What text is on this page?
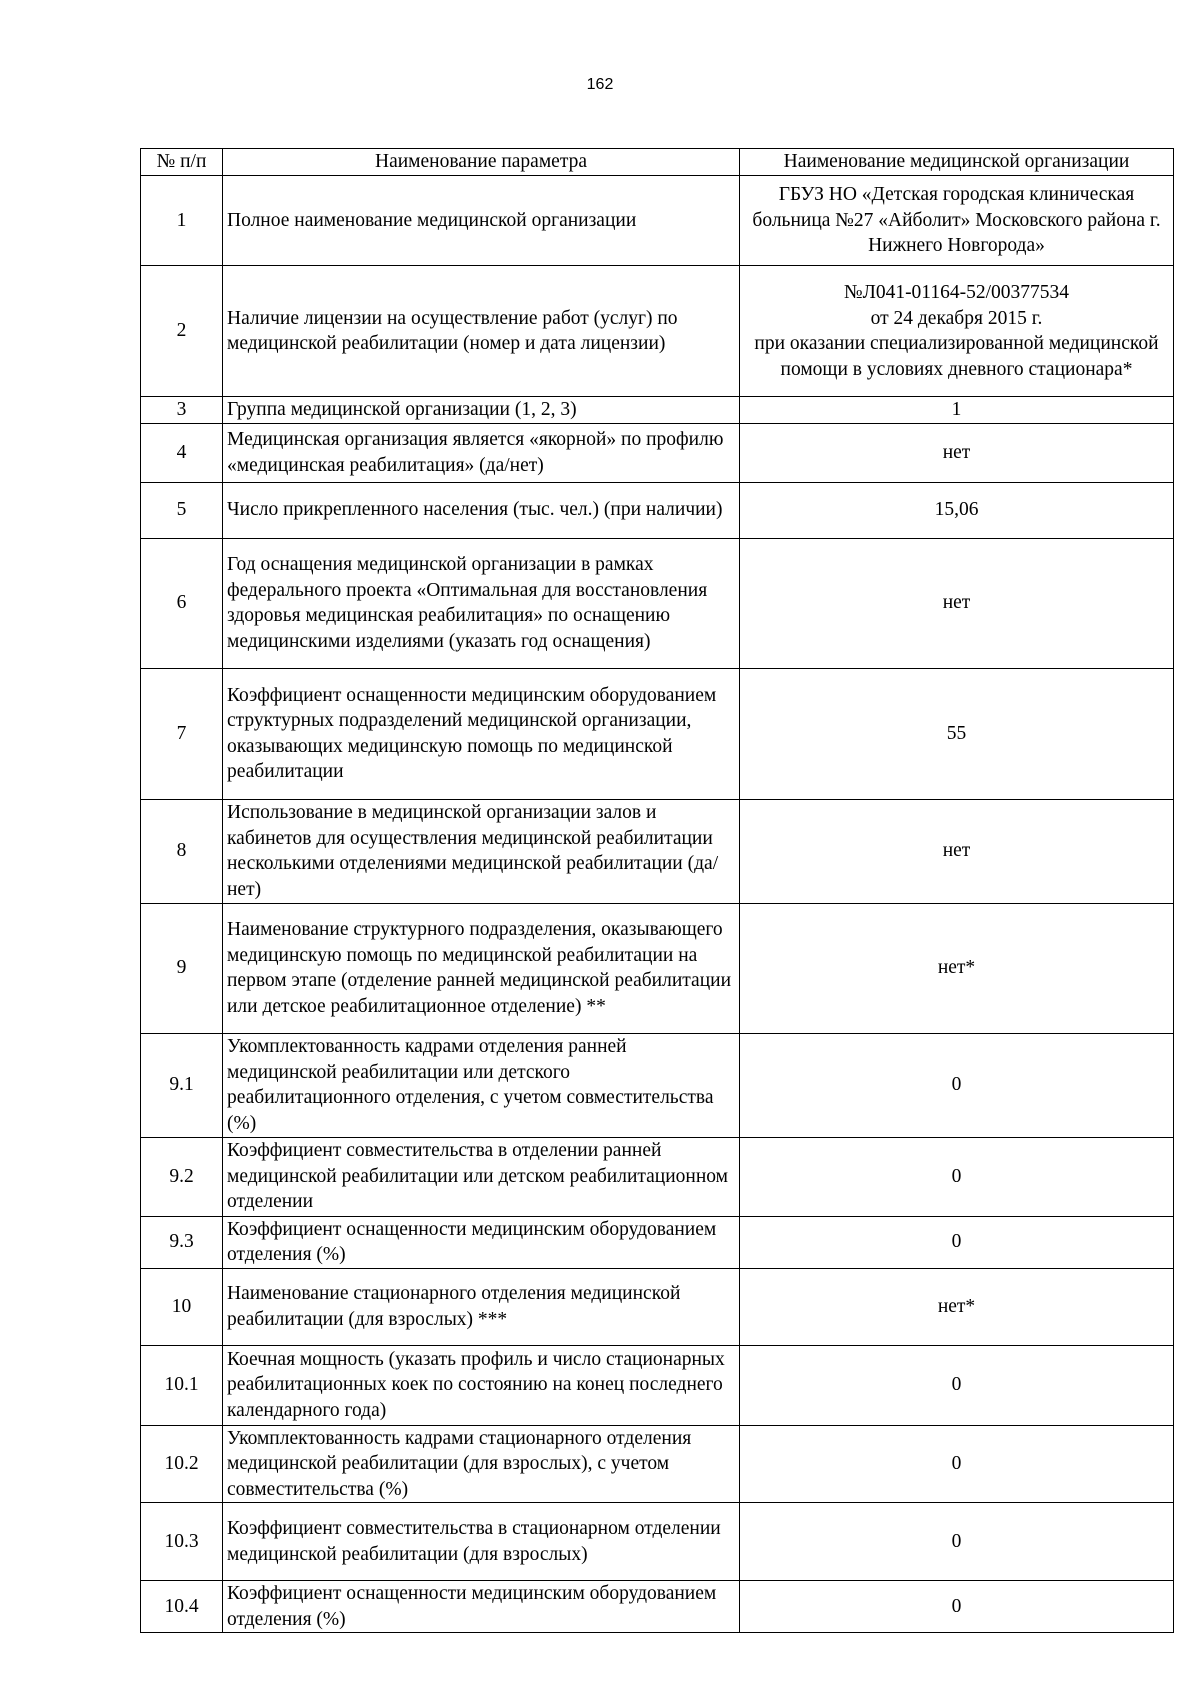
162
№ п/п	Наименование параметра	Наименование медицинской организации
1	Полное наименование медицинской организации	ГБУЗ НО «Детская городская клиническая больница №27 «Айболит» Московского района г. Нижнего Новгорода»
2	Наличие лицензии на осуществление работ (услуг) по медицинской реабилитации (номер и дата лицензии)	№Л041-01164-52/00377534
от 24 декабря 2015 г.
при оказании специализированной медицинской помощи в условиях дневного стационара*
3	Группа медицинской организации (1, 2, 3)	1
4	Медицинская организация является «якорной» по профилю «медицинская реабилитация» (да/нет)	нет
5	Число прикрепленного населения (тыс. чел.) (при наличии)	15,06
6	Год оснащения медицинской организации в рамках федерального проекта «Оптимальная для восстановления здоровья медицинская реабилитация» по оснащению медицинскими изделиями (указать год оснащения)	нет
7	Коэффициент оснащенности медицинским оборудованием структурных подразделений медицинской организации, оказывающих медицинскую помощь по медицинской реабилитации	55
8	Использование в медицинской организации залов и кабинетов для осуществления медицинской реабилитации несколькими отделениями медицинской реабилитации (да/нет)	нет
9	Наименование структурного подразделения, оказывающего медицинскую помощь по медицинской реабилитации на первом этапе (отделение ранней медицинской реабилитации или детское реабилитационное отделение) **	нет*
9.1	Укомплектованность кадрами отделения ранней медицинской реабилитации или детского реабилитационного отделения, с учетом совместительства (%)	0
9.2	Коэффициент совместительства в отделении ранней медицинской реабилитации или детском реабилитационном отделении	0
9.3	Коэффициент оснащенности медицинским оборудованием отделения (%)	0
10	Наименование стационарного отделения медицинской реабилитации (для взрослых) ***	нет*
10.1	Коечная мощность (указать профиль и число стационарных реабилитационных коек по состоянию на конец последнего календарного года)	0
10.2	Укомплектованность кадрами стационарного отделения медицинской реабилитации (для взрослых), с учетом совместительства (%)	0
10.3	Коэффициент совместительства в стационарном отделении медицинской реабилитации (для взрослых)	0
10.4	Коэффициент оснащенности медицинским оборудованием отделения (%)	0
